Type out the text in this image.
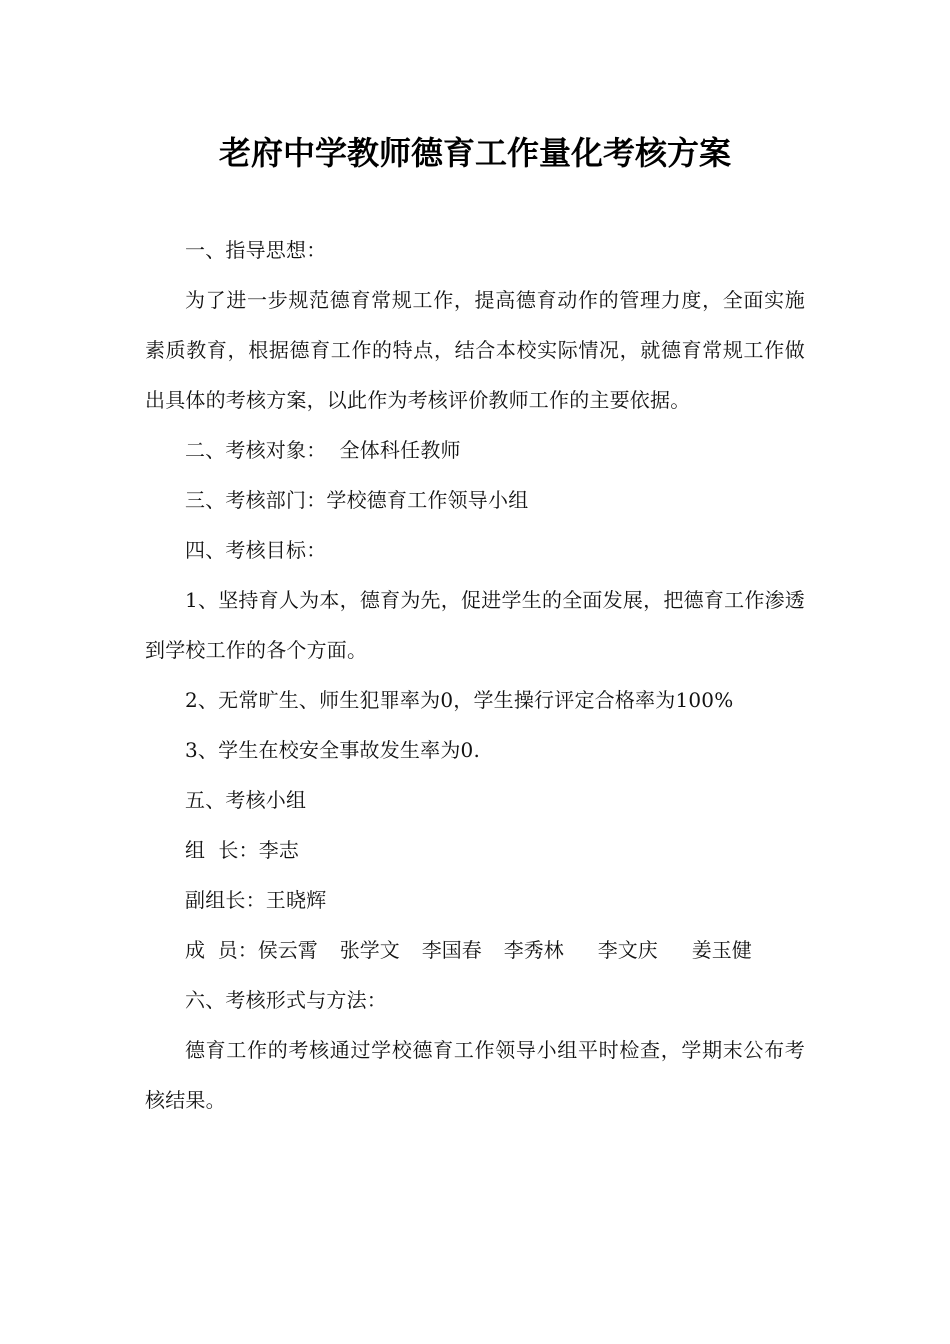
老府中学教师德育工作量化考核方案

一、指导思想：

为了进一步规范德育常规工作，提高德育动作的管理力度，全面实施素质教育，根据德育工作的特点，结合本校实际情况，就德育常规工作做出具体的考核方案，以此作为考核评价教师工作的主要依据。

二、考核对象：  全体科任教师

三、考核部门：学校德育工作领导小组

四、考核目标：

1、坚持育人为本，德育为先，促进学生的全面发展，把德育工作渗透到学校工作的各个方面。

2、无常旷生、师生犯罪率为0，学生操行评定合格率为100%

3、学生在校安全事故发生率为0.

五、考核小组

组  长：李志

副组长：王晓辉

成  员：侯云霄 张学文 李国春 李秀林 李文庆 姜玉健

六、考核形式与方法：

德育工作的考核通过学校德育工作领导小组平时检查，学期末公布考核结果。
